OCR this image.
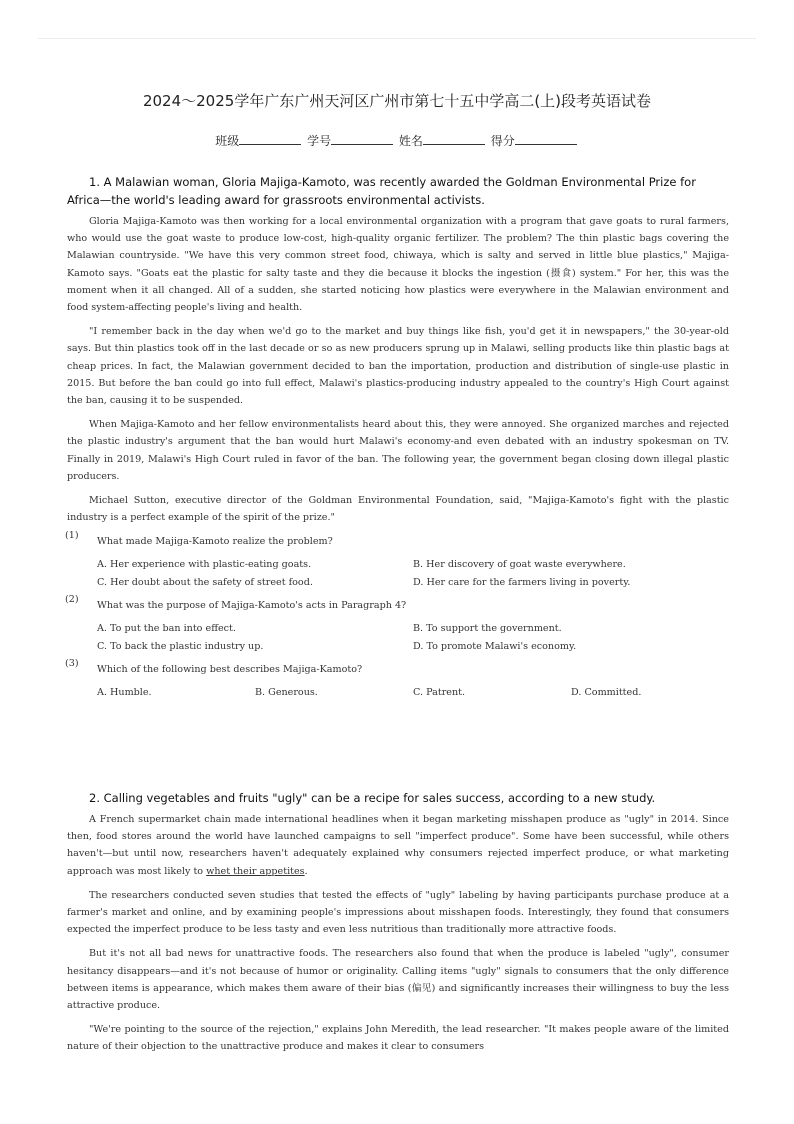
2024～2025学年广东广州天河区广州市第七十五中学高二(上)段考英语试卷
班级	学号	姓名	得分

1. A Malawian woman, Gloria Majiga-Kamoto, was recently awarded the Goldman Environmental Prize for Africa—the world's leading award for grassroots environmental activists.

Gloria Majiga-Kamoto was then working for a local environmental organization with a program that gave goats to rural farmers, who would use the goat waste to produce low-cost, high-quality organic fertilizer. The problem? The thin plastic bags covering the Malawian countryside. "We have this very common street food, chiwaya, which is salty and served in little blue plastics," Majiga-Kamoto says. "Goats eat the plastic for salty taste and they die because it blocks the ingestion (摄食) system." For her, this was the moment when it all changed. All of a sudden, she started noticing how plastics were everywhere in the Malawian environment and food system-affecting people's living and health.

"I remember back in the day when we'd go to the market and buy things like fish, you'd get it in newspapers," the 30-year-old says. But thin plastics took off in the last decade or so as new producers sprung up in Malawi, selling products like thin plastic bags at cheap prices. In fact, the Malawian government decided to ban the importation, production and distribution of single-use plastic in 2015. But before the ban could go into full effect, Malawi's plastics-producing industry appealed to the country's High Court against the ban, causing it to be suspended.

When Majiga-Kamoto and her fellow environmentalists heard about this, they were annoyed. She organized marches and rejected the plastic industry's argument that the ban would hurt Malawi's economy-and even debated with an industry spokesman on TV. Finally in 2019, Malawi's High Court ruled in favor of the ban. The following year, the government began closing down illegal plastic producers.

Michael Sutton, executive director of the Goldman Environmental Foundation, said, "Majiga-Kamoto's fight with the plastic industry is a perfect example of the spirit of the prize."

(1)
What made Majiga-Kamoto realize the problem?
A. Her experience with plastic-eating goats.	B. Her discovery of goat waste everywhere.
C. Her doubt about the safety of street food.	D. Her care for the farmers living in poverty.
(2)
What was the purpose of Majiga-Kamoto's acts in Paragraph 4?
A. To put the ban into effect.	B. To support the government.
C. To back the plastic industry up.	D. To promote Malawi's economy.
(3)
Which of the following best describes Majiga-Kamoto?
A. Humble.	B. Generous.	C. Patrent.	D. Committed.

2. Calling vegetables and fruits "ugly" can be a recipe for sales success, according to a new study.

A French supermarket chain made international headlines when it began marketing misshapen produce as "ugly" in 2014. Since then, food stores around the world have launched campaigns to sell "imperfect produce". Some have been successful, while others haven't—but until now, researchers haven't adequately explained why consumers rejected imperfect produce, or what marketing approach was most likely to whet their appetites.

The researchers conducted seven studies that tested the effects of "ugly" labeling by having participants purchase produce at a farmer's market and online, and by examining people's impressions about misshapen foods. Interestingly, they found that consumers expected the imperfect produce to be less tasty and even less nutritious than traditionally more attractive foods.

But it's not all bad news for unattractive foods. The researchers also found that when the produce is labeled "ugly", consumer hesitancy disappears—and it's not because of humor or originality. Calling items "ugly" signals to consumers that the only difference between items is appearance, which makes them aware of their bias (偏见) and significantly increases their willingness to buy the less attractive produce.

"We're pointing to the source of the rejection," explains John Meredith, the lead researcher. "It makes people aware of the limited nature of their objection to the unattractive produce and makes it clear to consumers
